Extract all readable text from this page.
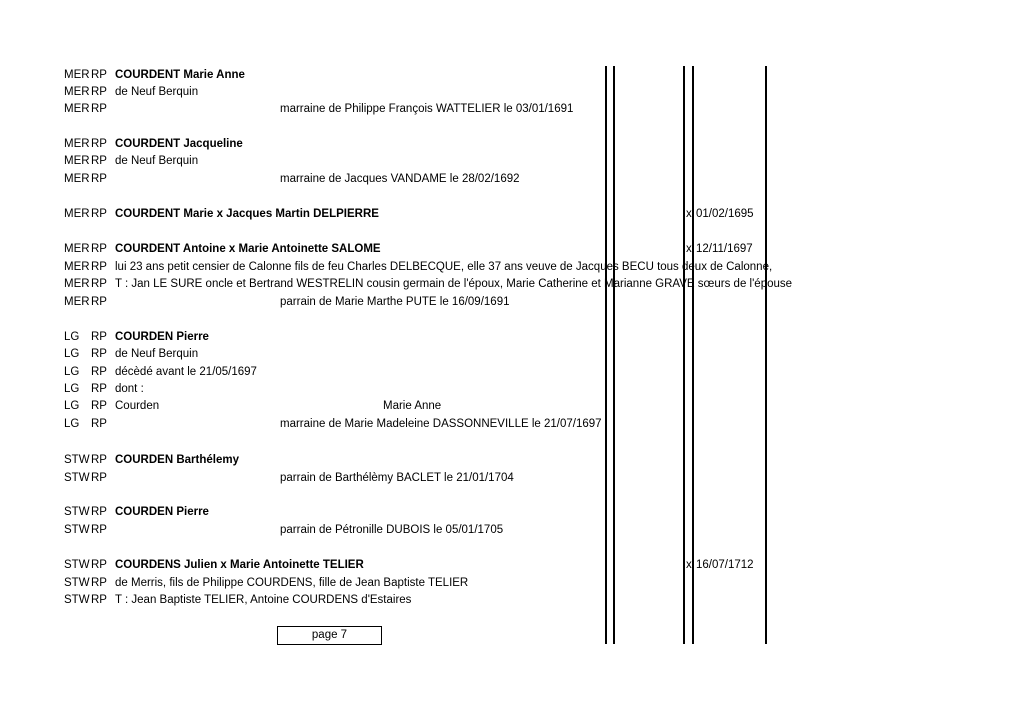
MER RP COURDENT Marie Anne
MER RP de Neuf Berquin
MER RP	marraine de Philippe François WATTELIER le 03/01/1691
MER RP COURDENT Jacqueline
MER RP de Neuf Berquin
MER RP	marraine de Jacques VANDAME le 28/02/1692
MER RP COURDENT Marie x Jacques Martin DELPIERRE	x 01/02/1695
MER RP COURDENT Antoine x Marie Antoinette SALOME	x 12/11/1697
MER RP lui 23 ans petit censier de Calonne fils de feu Charles DELBECQUE, elle 37 ans veuve de Jacques BECU tous deux de Calonne,
MER RP T : Jan LE SURE oncle et Bertrand WESTRELIN cousin germain de l'époux, Marie Catherine et Marianne GRAVE sœurs de l'épouse
MER RP	parrain de Marie Marthe PUTE le 16/09/1691
LG RP COURDEN Pierre
LG RP de Neuf Berquin
LG RP décèdé avant le 21/05/1697
LG RP dont :
LG RP Courden	Marie Anne
LG RP	marraine de Marie Madeleine DASSONNEVILLE le 21/07/1697
STW RP COURDEN Barthélemy
STW RP	parrain de Barthélèmy BACLET le 21/01/1704
STW RP COURDEN Pierre
STW RP	parrain de Pétronille DUBOIS le 05/01/1705
STW RP COURDENS Julien x Marie Antoinette TELIER	x 16/07/1712
STW RP de Merris, fils de Philippe COURDENS, fille de Jean Baptiste TELIER
STW RP T : Jean Baptiste TELIER, Antoine COURDENS d'Estaires
page 7
